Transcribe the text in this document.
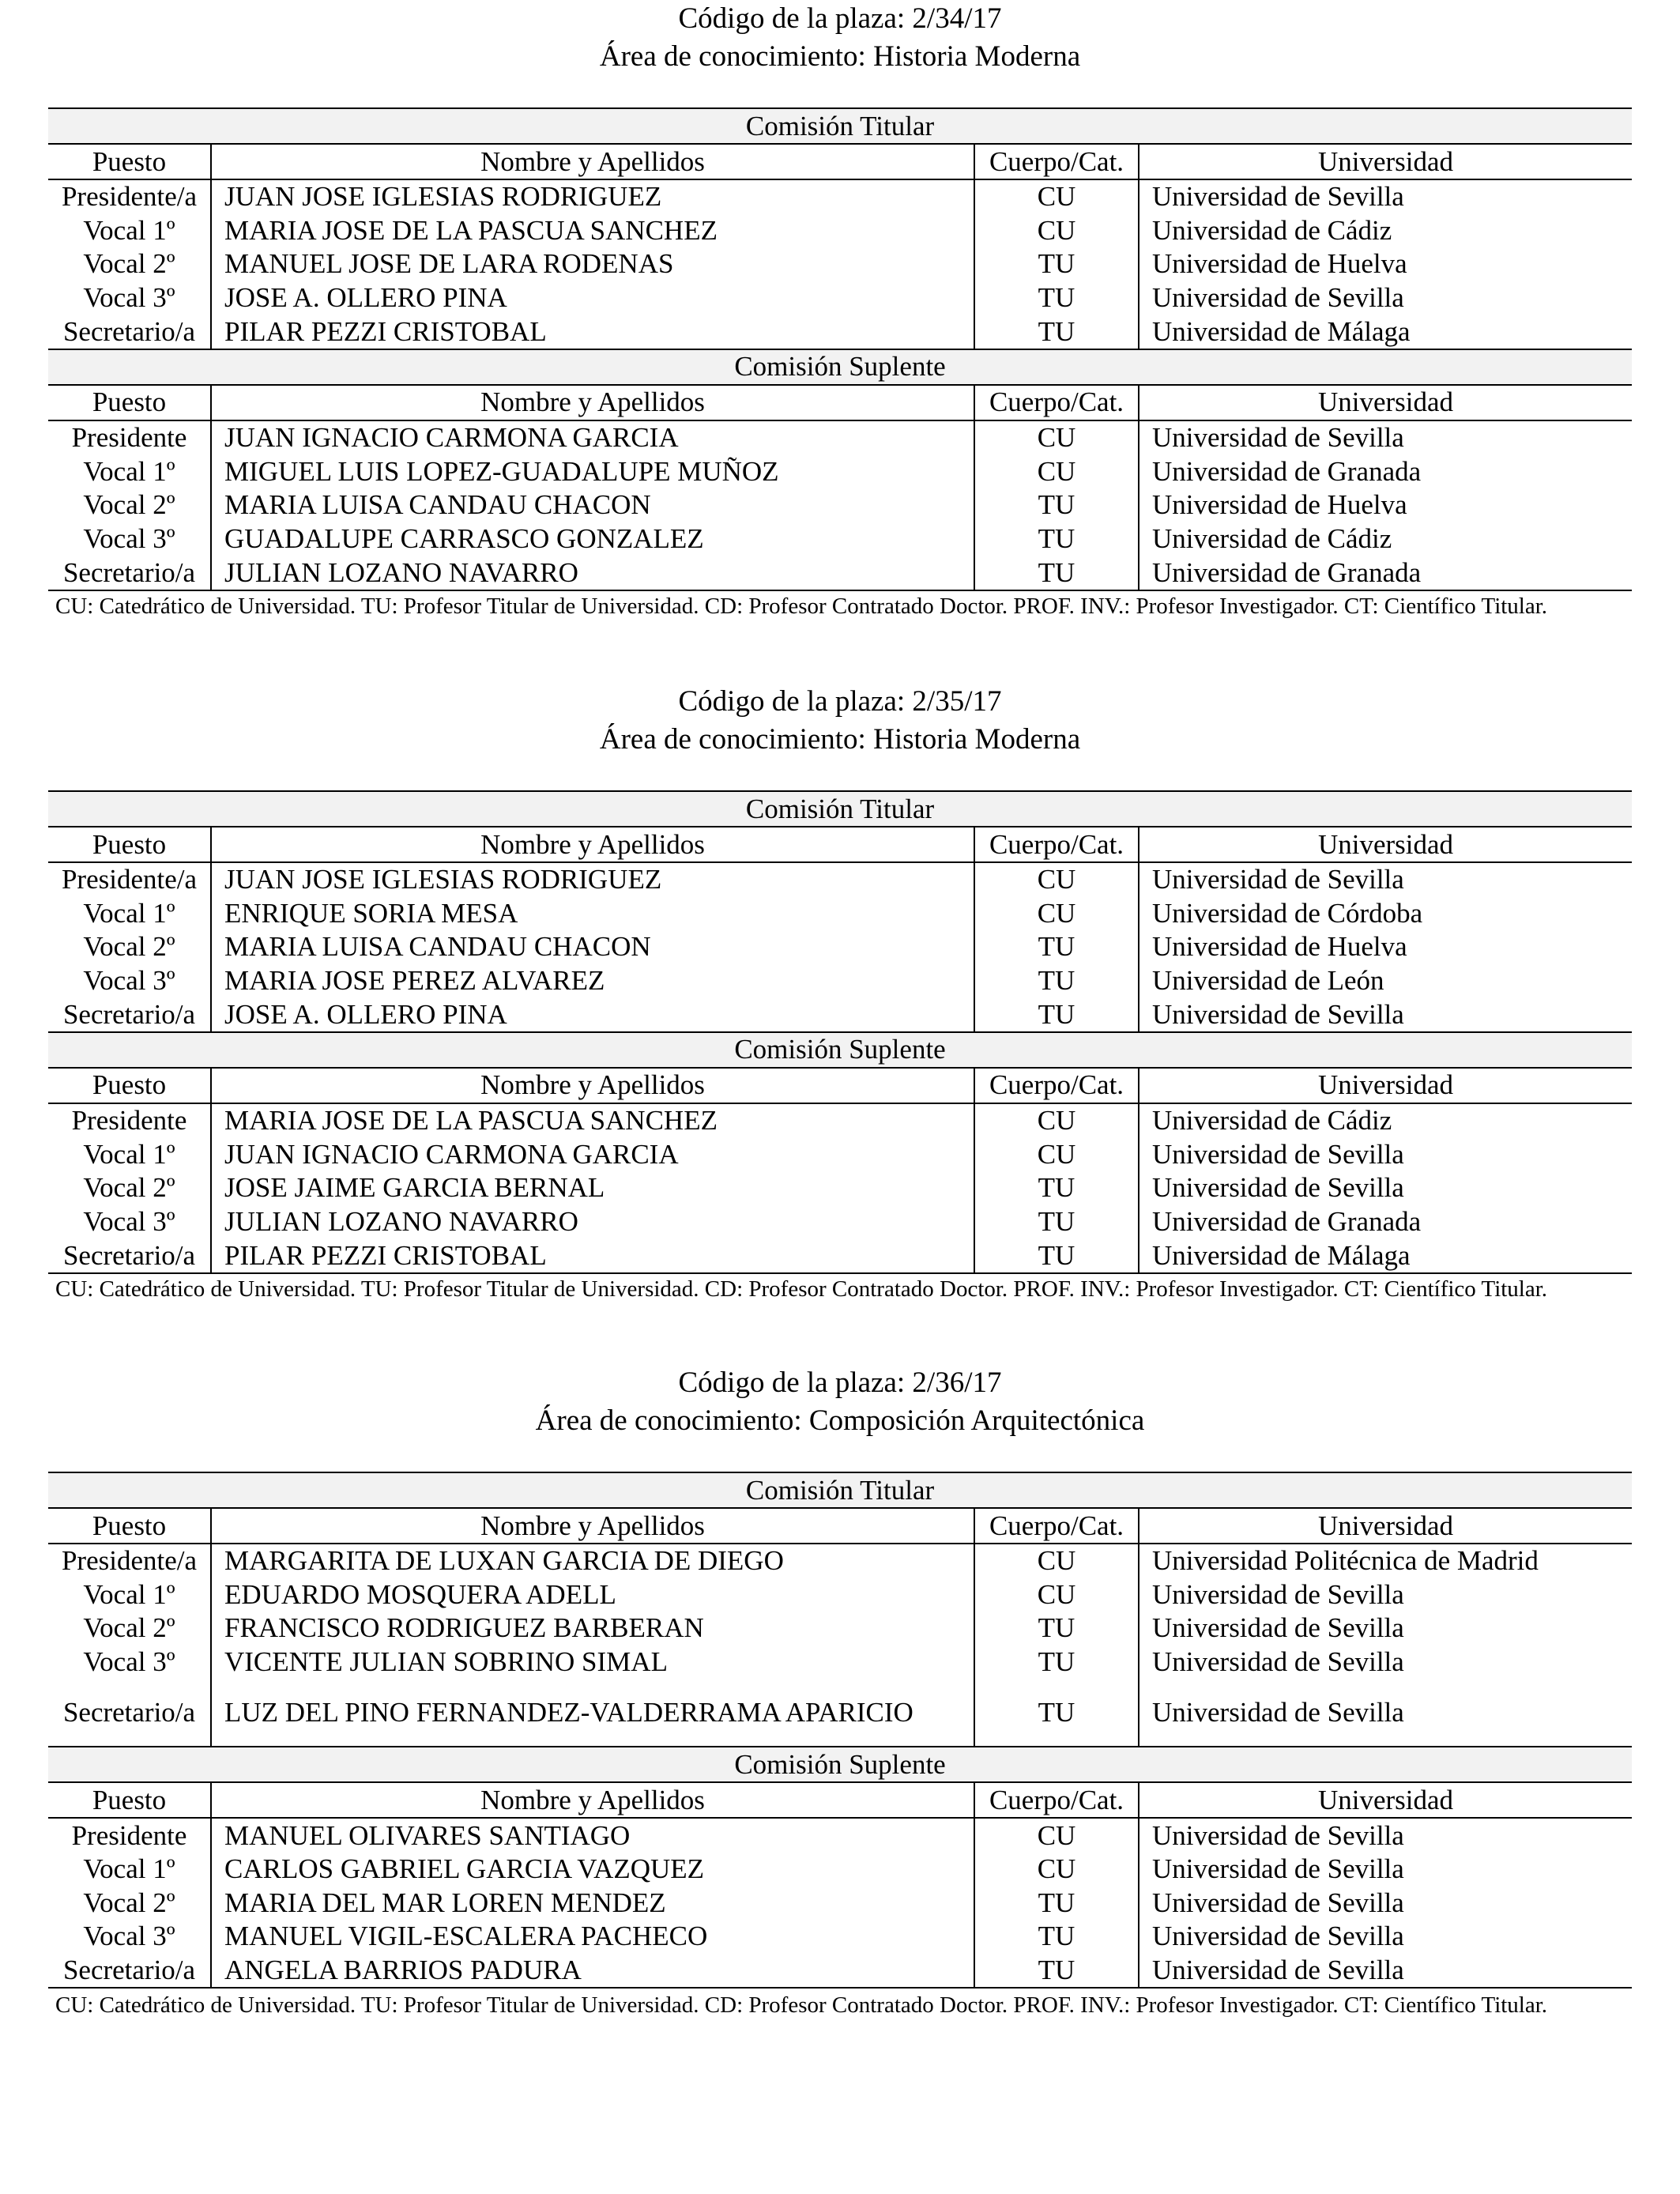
Código de la plaza: 2/34/17
Área de conocimiento: Historia Moderna
Comisión Titular			
Puesto	Nombre y Apellidos	Cuerpo/Cat.	Universidad
Presidente/a	JUAN JOSE IGLESIAS RODRIGUEZ	CU	Universidad de Sevilla
Vocal 1º	MARIA JOSE DE LA PASCUA SANCHEZ	CU	Universidad de Cádiz
Vocal 2º	MANUEL JOSE DE LARA RODENAS	TU	Universidad de Huelva
Vocal 3º	JOSE A. OLLERO PINA	TU	Universidad de Sevilla
Secretario/a	PILAR PEZZI CRISTOBAL	TU	Universidad de Málaga
Comisión Suplente			
Puesto	Nombre y Apellidos	Cuerpo/Cat.	Universidad
Presidente	JUAN IGNACIO CARMONA GARCIA	CU	Universidad de Sevilla
Vocal 1º	MIGUEL LUIS LOPEZ-GUADALUPE MUÑOZ	CU	Universidad de Granada
Vocal 2º	MARIA LUISA CANDAU CHACON	TU	Universidad de Huelva
Vocal 3º	GUADALUPE CARRASCO GONZALEZ	TU	Universidad de Cádiz
Secretario/a	JULIAN LOZANO NAVARRO	TU	Universidad de Granada
CU: Catedrático de Universidad. TU: Profesor Titular de Universidad. CD: Profesor Contratado Doctor. PROF. INV.: Profesor Investigador. CT: Científico Titular.
Código de la plaza: 2/35/17
Área de conocimiento: Historia Moderna
Comisión Titular			
Puesto	Nombre y Apellidos	Cuerpo/Cat.	Universidad
Presidente/a	JUAN JOSE IGLESIAS RODRIGUEZ	CU	Universidad de Sevilla
Vocal 1º	ENRIQUE SORIA MESA	CU	Universidad de Córdoba
Vocal 2º	MARIA LUISA CANDAU CHACON	TU	Universidad de Huelva
Vocal 3º	MARIA JOSE PEREZ ALVAREZ	TU	Universidad de León
Secretario/a	JOSE A. OLLERO PINA	TU	Universidad de Sevilla
Comisión Suplente			
Puesto	Nombre y Apellidos	Cuerpo/Cat.	Universidad
Presidente	MARIA JOSE DE LA PASCUA SANCHEZ	CU	Universidad de Cádiz
Vocal 1º	JUAN IGNACIO CARMONA GARCIA	CU	Universidad de Sevilla
Vocal 2º	JOSE JAIME GARCIA BERNAL	TU	Universidad de Sevilla
Vocal 3º	JULIAN LOZANO NAVARRO	TU	Universidad de Granada
Secretario/a	PILAR PEZZI CRISTOBAL	TU	Universidad de Málaga
CU: Catedrático de Universidad. TU: Profesor Titular de Universidad. CD: Profesor Contratado Doctor. PROF. INV.: Profesor Investigador. CT: Científico Titular.
Código de la plaza: 2/36/17
Área de conocimiento: Composición Arquitectónica
Comisión Titular			
Puesto	Nombre y Apellidos	Cuerpo/Cat.	Universidad
Presidente/a	MARGARITA DE LUXAN GARCIA DE DIEGO	CU	Universidad Politécnica de Madrid
Vocal 1º	EDUARDO MOSQUERA ADELL	CU	Universidad de Sevilla
Vocal 2º	FRANCISCO RODRIGUEZ BARBERAN	TU	Universidad de Sevilla
Vocal 3º	VICENTE JULIAN SOBRINO SIMAL	TU	Universidad de Sevilla
Secretario/a	LUZ DEL PINO FERNANDEZ-VALDERRAMA APARICIO	TU	Universidad de Sevilla
Comisión Suplente			
Puesto	Nombre y Apellidos	Cuerpo/Cat.	Universidad
Presidente	MANUEL OLIVARES SANTIAGO	CU	Universidad de Sevilla
Vocal 1º	CARLOS GABRIEL GARCIA VAZQUEZ	CU	Universidad de Sevilla
Vocal 2º	MARIA DEL MAR LOREN MENDEZ	TU	Universidad de Sevilla
Vocal 3º	MANUEL VIGIL-ESCALERA PACHECO	TU	Universidad de Sevilla
Secretario/a	ANGELA BARRIOS PADURA	TU	Universidad de Sevilla
CU: Catedrático de Universidad. TU: Profesor Titular de Universidad. CD: Profesor Contratado Doctor. PROF. INV.: Profesor Investigador. CT: Científico Titular.
